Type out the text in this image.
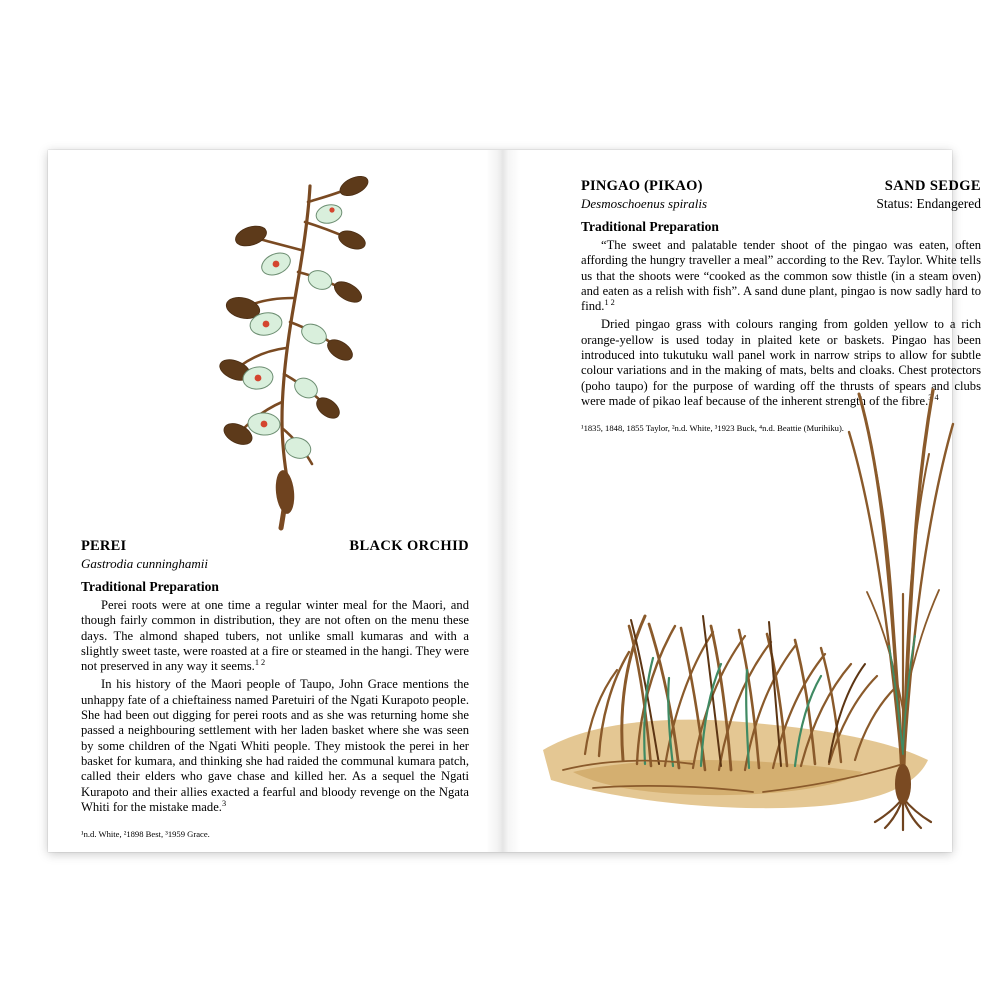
PEREI	BLACK ORCHID
Gastrodia cunninghamii
Traditional Preparation

Perei roots were at one time a regular winter meal for the Maori, and though fairly common in distribution, they are not often on the menu these days. The almond shaped tubers, not unlike small kumaras and with a slightly sweet taste, were roasted at a fire or steamed in the hangi. They were not preserved in any way it seems.$^{1 2}$

In his history of the Maori people of Taupo, John Grace mentions the unhappy fate of a chieftainess named Paretuiri of the Ngati Kurapoto people. She had been out digging for perei roots and as she was returning home she passed a neighbouring settlement with her laden basket where she was seen by some children of the Ngati Whiti people. They mistook the perei in her basket for kumara, and thinking she had raided the communal kumara patch, called their elders who gave chase and killed her. As a sequel the Ngati Kurapoto and their allies exacted a fearful and bloody revenge on the Ngata Whiti for the mistake made.$^3$

¹n.d. White, ²1898 Best, ³1959 Grace.
PINGAO (PIKAO)	SAND SEDGE
Desmoschoenus spiralis	Status: Endangered
Traditional Preparation

“The sweet and palatable tender shoot of the pingao was eaten, often affording the hungry traveller a meal” according to the Rev. Taylor. White tells us that the shoots were “cooked as the common sow thistle (in a steam oven) and eaten as a relish with fish”. A sand dune plant, pingao is now sadly hard to find.$^{1 2}$

Dried pingao grass with colours ranging from golden yellow to a rich orange-yellow is used today in plaited kete or baskets. Pingao has been introduced into tukutuku wall panel work in narrow strips to allow for subtle colour variations and in the making of mats, belts and cloaks. Chest protectors (poho taupo) for the purpose of warding off the thrusts of spears and clubs were made of pikao leaf because of the inherent strength of the fibre.$^{3 4}$

¹1835, 1848, 1855 Taylor, ²n.d. White, ³1923 Buck, ⁴n.d. Beattie (Murihiku).
